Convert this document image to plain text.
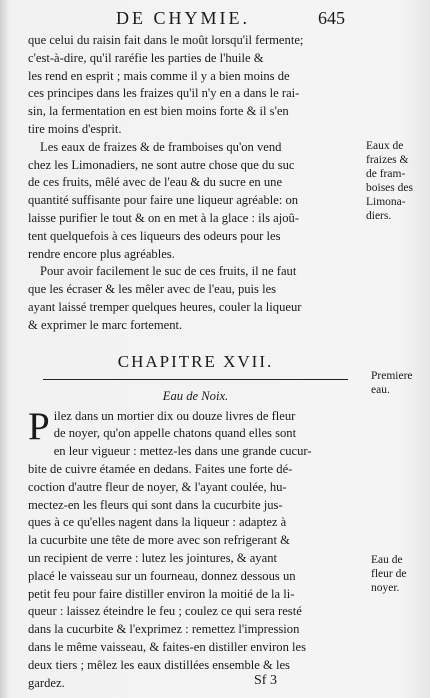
DE CHYMIE.	645
que celui du raisin fait dans le moût lorsqu'il fermente;
c'est-à-dire, qu'il raréfie les parties de l'huile &
les rend en esprit ; mais comme il y a bien moins de
ces principes dans les fraizes qu'il n'y en a dans le rai-
sin, la fermentation en est bien moins forte & il s'en
tire moins d'esprit.
Les eaux de fraizes & de framboises qu'on vend
chez les Limonadiers, ne sont autre chose que du suc
de ces fruits, mêlé avec de l'eau & du sucre en une
quantité suffisante pour faire une liqueur agréable: on
laisse purifier le tout & on en met à la glace : ils ajoû-
tent quelquefois à ces liqueurs des odeurs pour les
rendre encore plus agréables.
Pour avoir facilement le suc de ces fruits, il ne faut
que les écraser & les mêler avec de l'eau, puis les
ayant laissé tremper quelques heures, couler la liqueur
& exprimer le marc fortement.
CHAPITRE XVII.
Eau de Noix.
P ilez dans un mortier dix ou douze livres de fleur
de noyer, qu'on appelle chatons quand elles sont
en leur vigueur : mettez-les dans une grande cucur-
bite de cuivre étamée en dedans. Faites une forte dé-
coction d'autre fleur de noyer, & l'ayant coulée, hu-
mectez-en les fleurs qui sont dans la cucurbite jus-
ques à ce qu'elles nagent dans la liqueur : adaptez à
la cucurbite une tête de more avec son refrigerant &
un recipient de verre : lutez les jointures, & ayant
placé le vaisseau sur un fourneau, donnez dessous un
petit feu pour faire distiller environ la moitié de la li-
queur : laissez éteindre le feu ; coulez ce qui sera resté
dans la cucurbite & l'exprimez : remettez l'impression
dans le même vaisseau, & faites-en distiller environ les
deux tiers ; mêlez les eaux distillées ensemble & les
gardez.
Eaux de
fraizes &
de fram-
boises des
Limona-
diers.
Premiere
eau.
Eau de
fleur de
noyer.
Sf 3
